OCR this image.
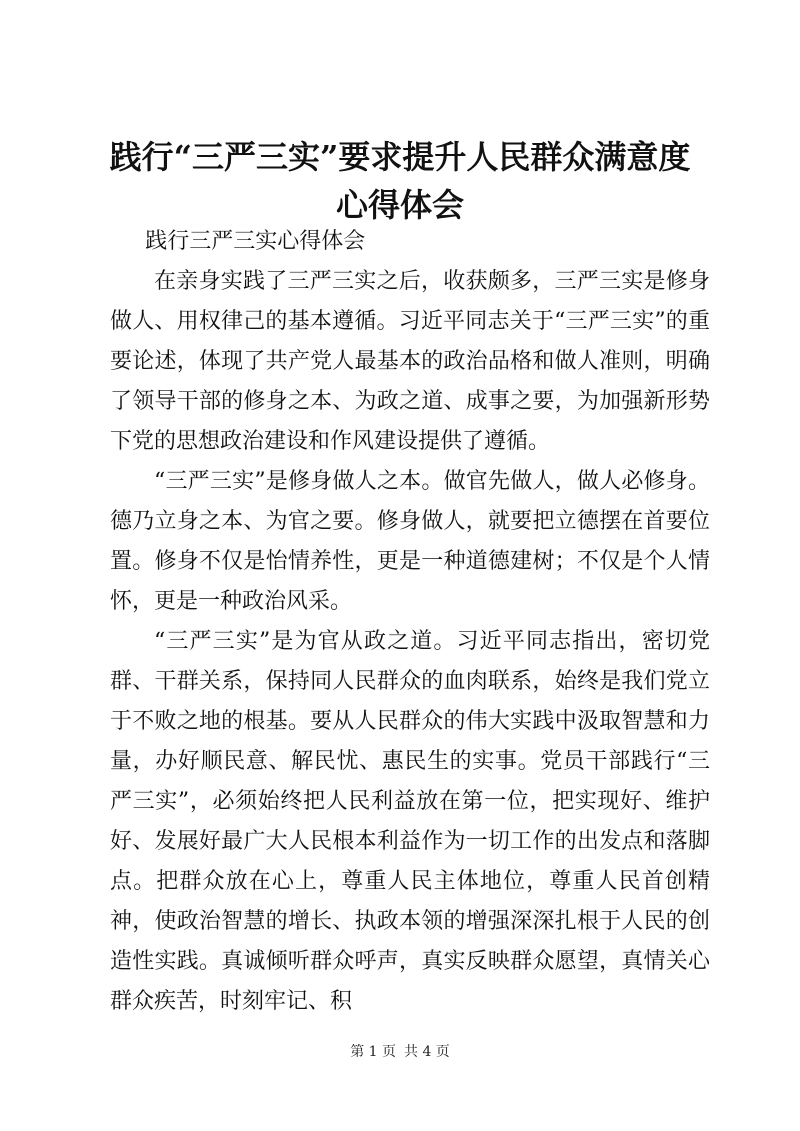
践行“三严三实”要求提升人民群众满意度心得体会

践行三严三实心得体会

在亲身实践了三严三实之后，收获颇多，三严三实是修身做人、用权律己的基本遵循。习近平同志关于“三严三实”的重要论述，体现了共产党人最基本的政治品格和做人准则，明确了领导干部的修身之本、为政之道、成事之要，为加强新形势下党的思想政治建设和作风建设提供了遵循。

“三严三实”是修身做人之本。做官先做人，做人必修身。德乃立身之本、为官之要。修身做人，就要把立德摆在首要位置。修身不仅是怡情养性，更是一种道德建树；不仅是个人情怀，更是一种政治风采。

“三严三实”是为官从政之道。习近平同志指出，密切党群、干群关系，保持同人民群众的血肉联系，始终是我们党立于不败之地的根基。要从人民群众的伟大实践中汲取智慧和力量，办好顺民意、解民忧、惠民生的实事。党员干部践行“三严三实”，必须始终把人民利益放在第一位，把实现好、维护好、发展好最广大人民根本利益作为一切工作的出发点和落脚点。把群众放在心上，尊重人民主体地位，尊重人民首创精神，使政治智慧的增长、执政本领的增强深深扎根于人民的创造性实践。真诚倾听群众呼声，真实反映群众愿望，真情关心群众疾苦，时刻牢记、积

第 1 页 共 4 页
